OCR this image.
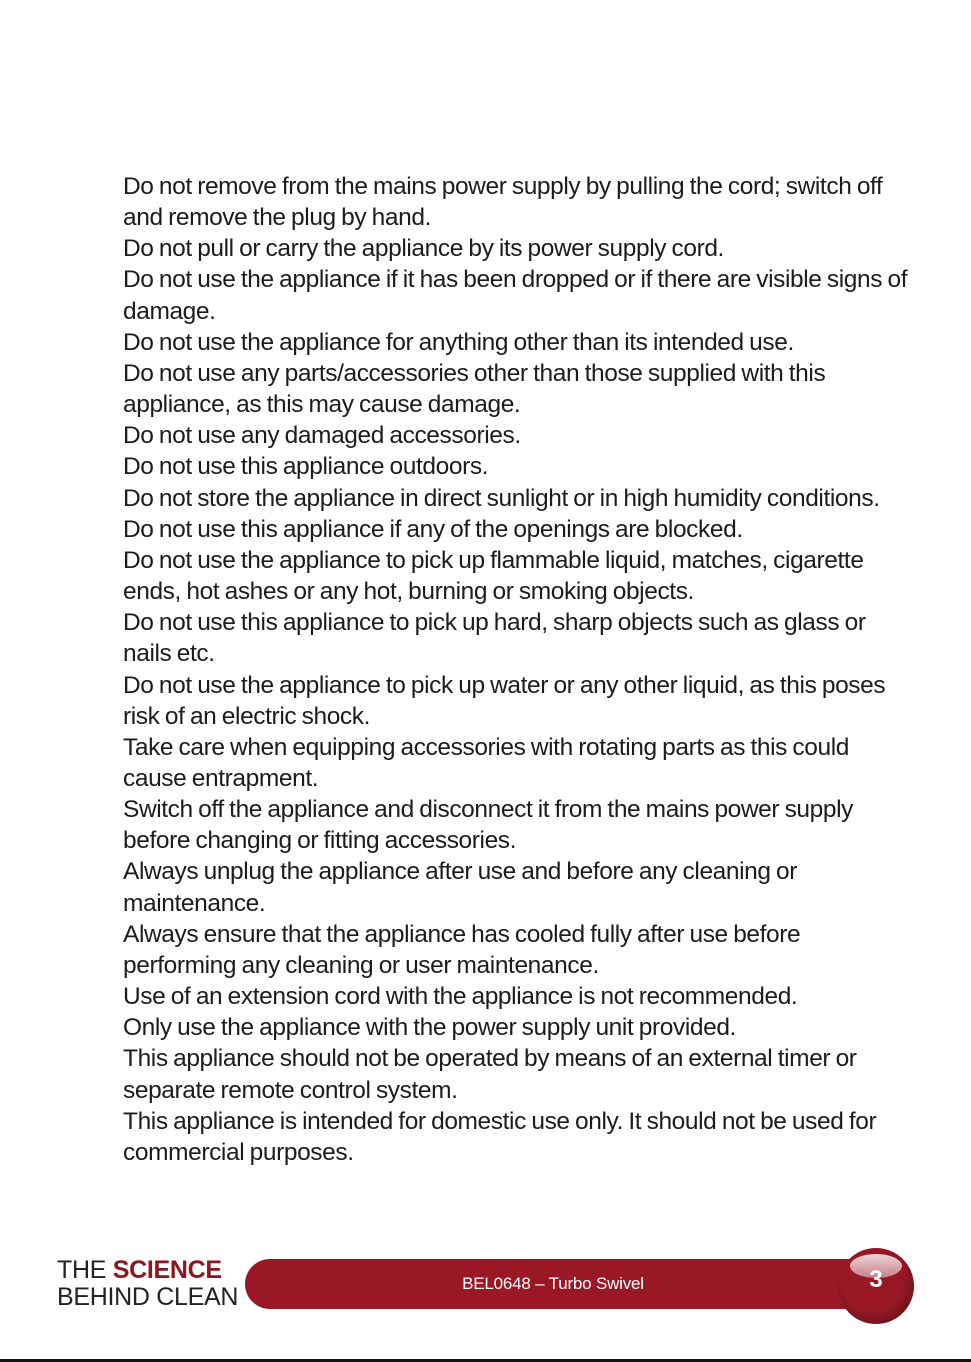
Do not remove from the mains power supply by pulling the cord; switch off and remove the plug by hand.

Do not pull or carry the appliance by its power supply cord.

Do not use the appliance if it has been dropped or if there are visible signs of damage.

Do not use the appliance for anything other than its intended use.

Do not use any parts/accessories other than those supplied with this appliance, as this may cause damage.

Do not use any damaged accessories.

Do not use this appliance outdoors.

Do not store the appliance in direct sunlight or in high humidity conditions.

Do not use this appliance if any of the openings are blocked.

Do not use the appliance to pick up flammable liquid, matches, cigarette ends, hot ashes or any hot, burning or smoking objects.

Do not use this appliance to pick up hard, sharp objects such as glass or nails etc.

Do not use the appliance to pick up water or any other liquid, as this poses risk of an electric shock.

Take care when equipping accessories with rotating parts as this could cause entrapment.

Switch off the appliance and disconnect it from the mains power supply before changing or fitting accessories.

Always unplug the appliance after use and before any cleaning or maintenance.

Always ensure that the appliance has cooled fully after use before performing any cleaning or user maintenance.

Use of an extension cord with the appliance is not recommended.

Only use the appliance with the power supply unit provided.

This appliance should not be operated by means of an external timer or separate remote control system.

This appliance is intended for domestic use only. It should not be used for commercial purposes.

THE SCIENCE
BEHIND CLEAN	BEL0648 – Turbo Swivel	3
